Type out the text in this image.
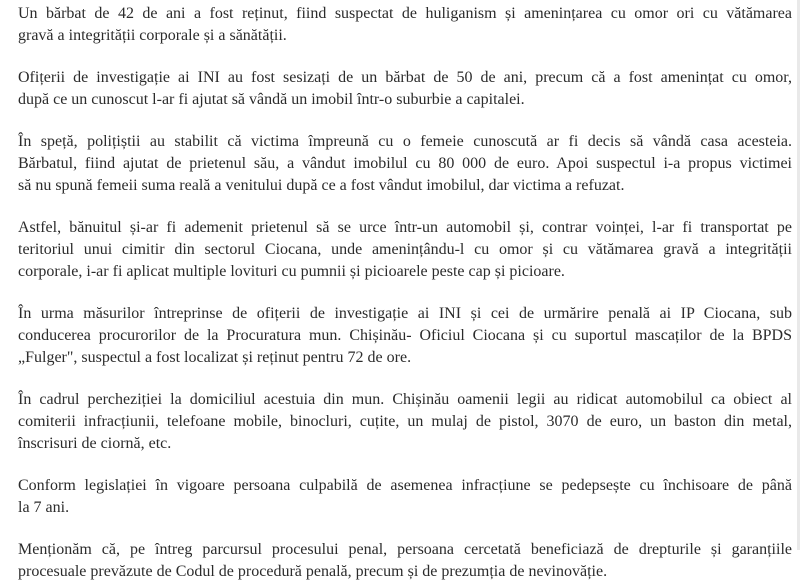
Un bărbat de 42 de ani a fost reținut, fiind suspectat de huliganism și amenințarea cu omor ori cu vătămarea
gravă a integrității corporale și a sănătății.
Ofițerii de investigație ai INI au fost sesizați de un bărbat de 50 de ani, precum că a fost amenințat cu omor,
după ce un cunoscut l-ar fi ajutat să vândă un imobil într-o suburbie a capitalei.
În speță, polițiștii au stabilit că victima împreună cu o femeie cunoscută ar fi decis să vândă casa acesteia.
Bărbatul, fiind ajutat de prietenul său, a vândut imobilul cu 80 000 de euro. Apoi suspectul i-a propus victimei
să nu spună femeii suma reală a venitului după ce a fost vândut imobilul, dar victima a refuzat.
Astfel, bănuitul și-ar fi ademenit prietenul să se urce într-un automobil și, contrar voinței, l-ar fi transportat pe
teritoriul unui cimitir din sectorul Ciocana, unde amenințându-l cu omor și cu vătămarea gravă a integrității
corporale, i-ar fi aplicat multiple lovituri cu pumnii și picioarele peste cap și picioare.
În urma măsurilor întreprinse de ofițerii de investigație ai INI și cei de urmărire penală ai IP Ciocana, sub
conducerea procurorilor de la Procuratura mun. Chișinău- Oficiul Ciocana și cu suportul mascaților de la BPDS
„Fulger", suspectul a fost localizat și reținut pentru 72 de ore.
În cadrul percheziției la domiciliul acestuia din mun. Chișinău oamenii legii au ridicat automobilul ca obiect al
comiterii infracțiunii, telefoane mobile, binocluri, cuțite, un mulaj de pistol, 3070 de euro, un baston din metal,
înscrisuri de ciornă, etc.
Conform legislației în vigoare persoana culpabilă de asemenea infracțiune se pedepsește cu închisoare de până
la 7 ani.
Menționăm că, pe întreg parcursul procesului penal, persoana cercetată beneficiază de drepturile și garanțiile
procesuale prevăzute de Codul de procedură penală, precum și de prezumția de nevinovăție.
